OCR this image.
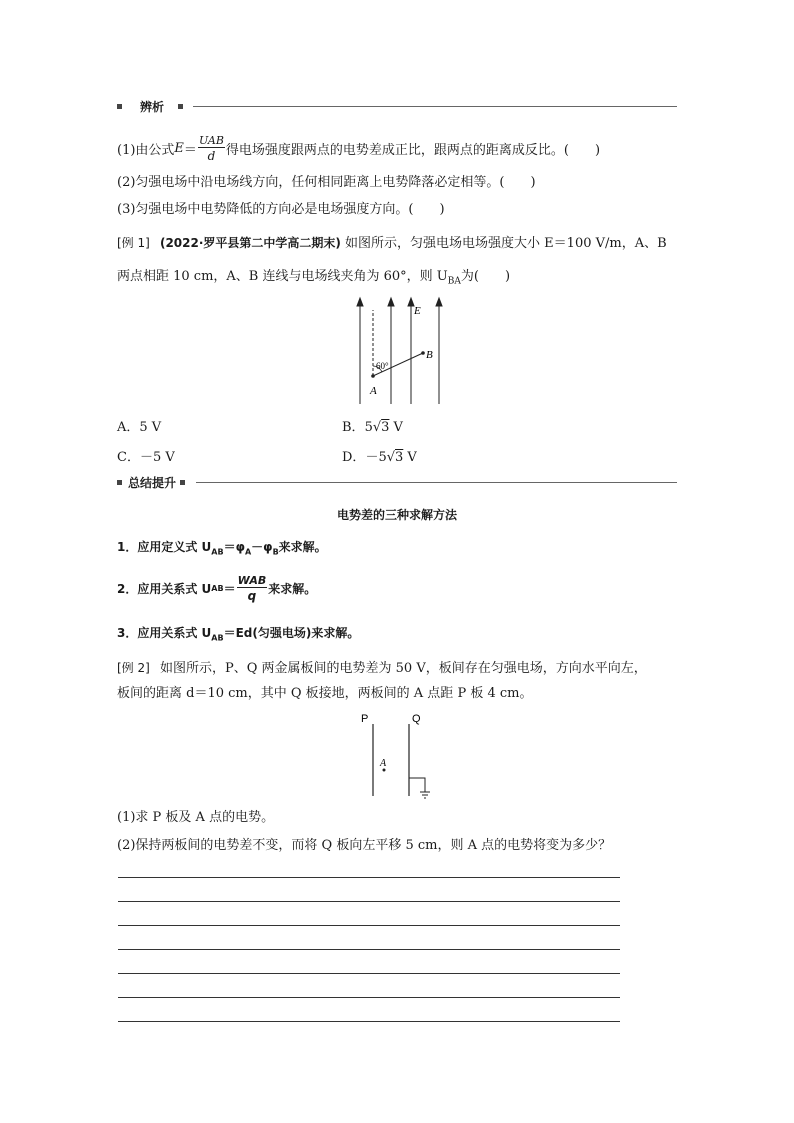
辨析
(1)由公式 $E = \frac{\text{UAB}}{d}$ 得电场强度跟两点的电势差成正比，跟两点的距离成反比。(　　)
(2)匀强电场中沿电场线方向，任何相同距离上电势降落必定相等。(　　)
(3)匀强电场中电势降低的方向必是电场强度方向。(　　)
[例 1] (2022·罗平县第二中学高二期末) 如图所示，匀强电场电场强度大小 E＝100 V/m，A、B
两点相距 10 cm，A、B 连线与电场线夹角为 60°，则 $U_{BA}$为(　　)
60°
A
B
E
A．5 V	B．5√3 V
C．－5 V	D．－5√3 V
总结提升
电势差的三种求解方法
1．应用定义式 $U_{AB}=\varphi_A-\varphi_B$来求解。
2．应用关系式 U AB ＝ $\frac{\text{WAB}}{q}$ 来求解。
3．应用关系式 $U_{AB}=Ed$(匀强电场)来求解。
[例 2] 如图所示，P、Q 两金属板间的电势差为 50 V，板间存在匀强电场，方向水平向左，
板间的距离 d＝10 cm，其中 Q 板接地，两板间的 A 点距 P 板 4 cm。
P	Q
A
(1)求 P 板及 A 点的电势。
(2)保持两板间的电势差不变，而将 Q 板向左平移 5 cm，则 A 点的电势将变为多少？
